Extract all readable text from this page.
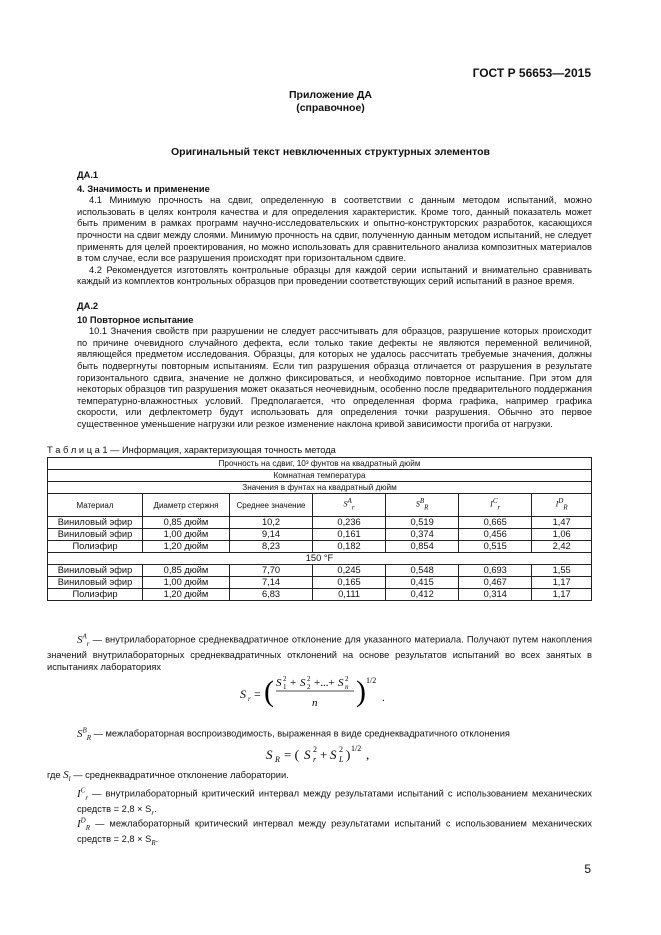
ГОСТ Р 56653—2015
Приложение ДА
(справочное)
Оригинальный текст невключенных структурных элементов

ДА.1

4. Значимость и применение

4.1 Минимую прочность на сдвиг, определенную в соответствии с данным методом испытаний, можно использовать в целях контроля качества и для определения характеристик. Кроме того, данный показатель может быть применим в рамках программ научно-исследовательских и опытно-конструкторских разработок, касающихся прочности на сдвиг между слоями. Минимую прочность на сдвиг, полученную данным методом испытаний, не следует применять для целей проектирования, но можно использовать для сравнительного анализа композитных материалов в том случае, если все разрушения происходят при горизонтальном сдвиге.

4.2 Рекомендуется изготовлять контрольные образцы для каждой серии испытаний и внимательно сравнивать каждый из комплектов контрольных образцов при проведении соответствующих серий испытаний в разное время.

ДА.2

10 Повторное испытание

10.1 Значения свойств при разрушении не следует рассчитывать для образцов, разрушение которых происходит по причине очевидного случайного дефекта, если только такие дефекты не являются переменной величиной, являющейся предметом исследования. Образцы, для которых не удалось рассчитать требуемые значения, должны быть подвергнуты повторным испытаниям. Если тип разрушения образца отличается от разрушения в результате горизонтального сдвига, значение не должно фиксироваться, и необходимо повторное испытание. При этом для некоторых образцов тип разрушения может оказаться неочевидным, особенно после предварительного поддержания температурно-влажностных условий. Предполагается, что определенная форма графика, например графика скорости, или дефлектометр будут использовать для определения точки разрушения. Обычно это первое существенное уменьшение нагрузки или резкое изменение наклона кривой зависимости прогиба от нагрузки.

Т а б л и ц а 1 — Информация, характеризующая точность метода
Прочность на сдвиг, 10³ фунтов на квадратный дюйм						
Комнатная температура						
Значения в фунтах на квадратный дюйм						
Материал	Диаметр стержня	Среднее значение	$S^A_r$	$S^B_R$	$I^C_r$	$I^D_R$
Виниловый эфир	0,85 дюйм	10,2	0,236	0,519	0,665	1,47
Виниловый эфир	1,00 дюйм	9,14	0,161	0,374	0,456	1,06
Полиэфир	1,20 дюйм	8,23	0,182	0,854	0,515	2,42
150 °F						
Виниловый эфир	0,85 дюйм	7,70	0,245	0,548	0,693	1,55
Виниловый эфир	1,00 дюйм	7,14	0,165	0,415	0,467	1,17
Полиэфир	1,20 дюйм	6,83	0,111	0,412	0,314	1,17
$S^A_r$ — внутрилабораторное среднеквадратичное отклонение для указанного материала. Получают путем накопления значений внутрилабораторных среднеквадратичных отклонений на основе результатов испытаний во всех занятых в испытаниях лабораториях
S r = ( S 2
1 + S 2
2 +...+ S 2
n
n ) 1/2
.
$S^B_R$ — межлабораторная воспроизводимость, выраженная в виде среднеквадратичного отклонения
S R = ( S 2
r + S 2
L ) 1/2 ,
где $S_l$ — среднеквадратичное отклонение лаборатории.
$I^C_r$ — внутрилабораторный критический интервал между результатами испытаний с использованием механических средств = $2,8 \times S_r$.
$I^D_R$ — межлабораторный критический интервал между результатами испытаний с использованием механических средств = $2,8 \times S_R$.
5
